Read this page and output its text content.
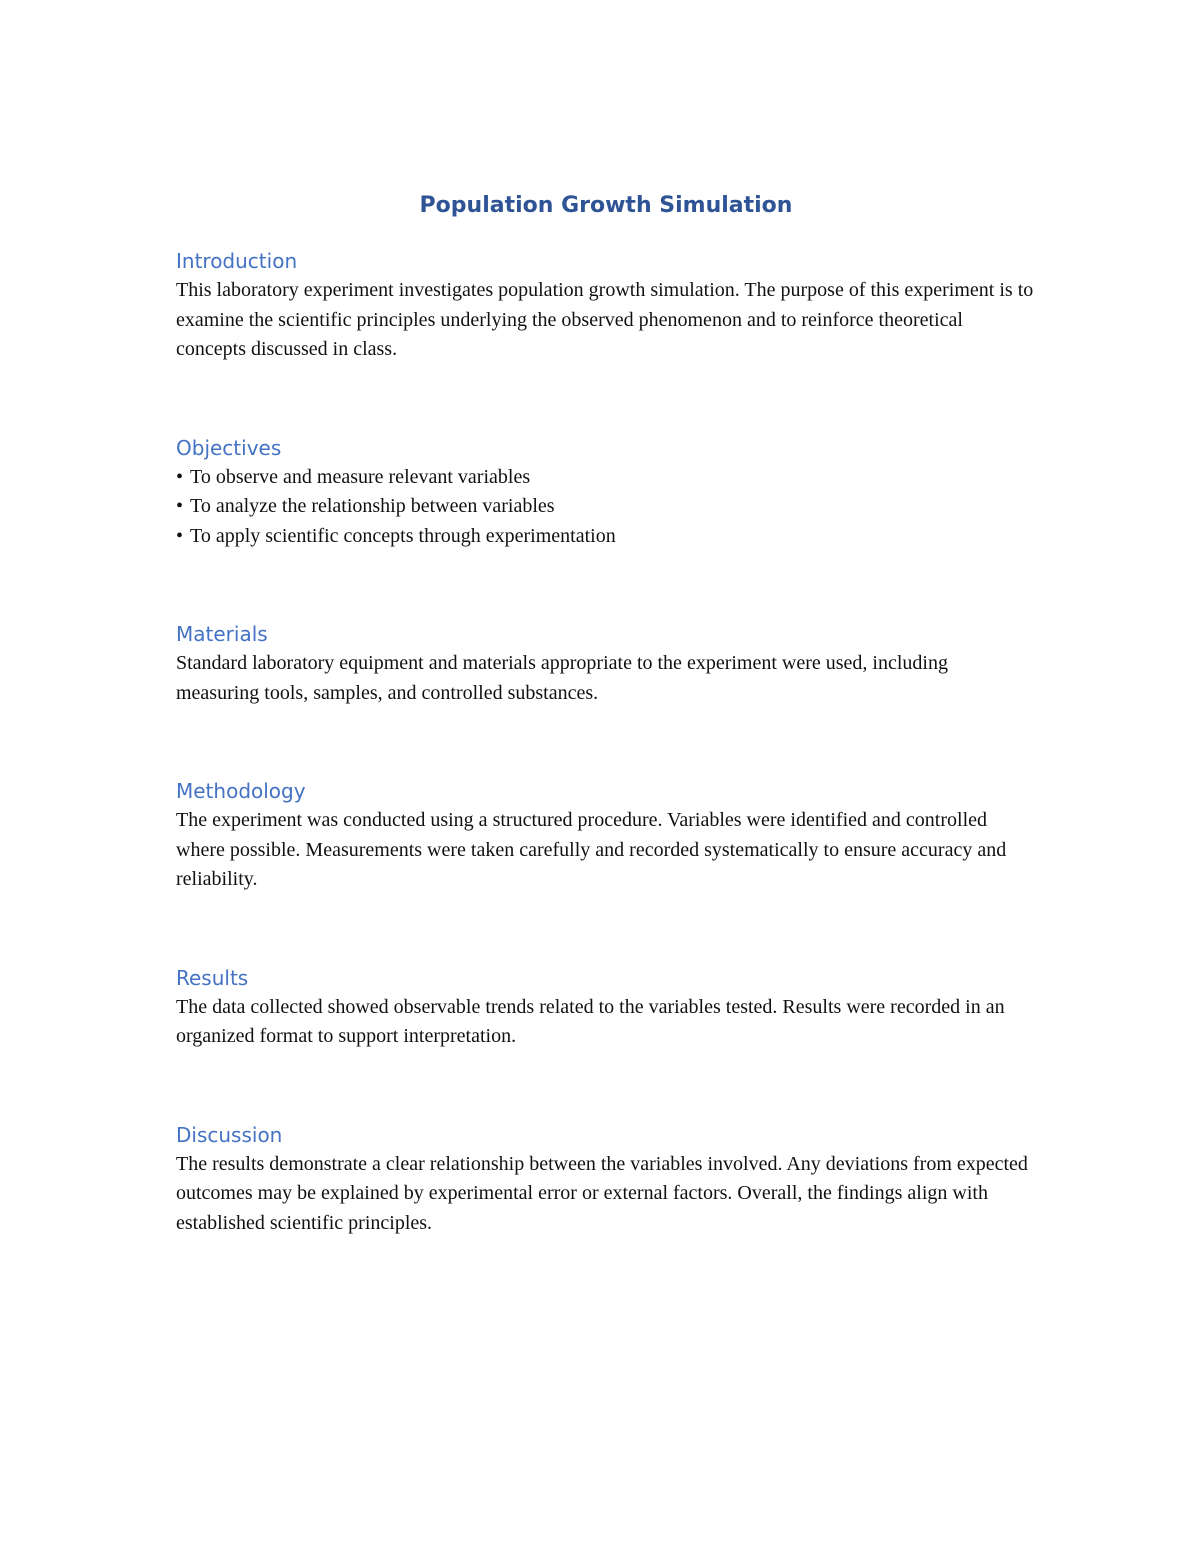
Population Growth Simulation
Introduction

This laboratory experiment investigates population growth simulation. The purpose of this experiment is to examine the scientific principles underlying the observed phenomenon and to reinforce theoretical concepts discussed in class.

Objectives
• To observe and measure relevant variables
• To analyze the relationship between variables
• To apply scientific concepts through experimentation
Materials

Standard laboratory equipment and materials appropriate to the experiment were used, including measuring tools, samples, and controlled substances.

Methodology

The experiment was conducted using a structured procedure. Variables were identified and controlled where possible. Measurements were taken carefully and recorded systematically to ensure accuracy and reliability.

Results

The data collected showed observable trends related to the variables tested. Results were recorded in an organized format to support interpretation.

Discussion

The results demonstrate a clear relationship between the variables involved. Any deviations from expected outcomes may be explained by experimental error or external factors. Overall, the findings align with established scientific principles.
